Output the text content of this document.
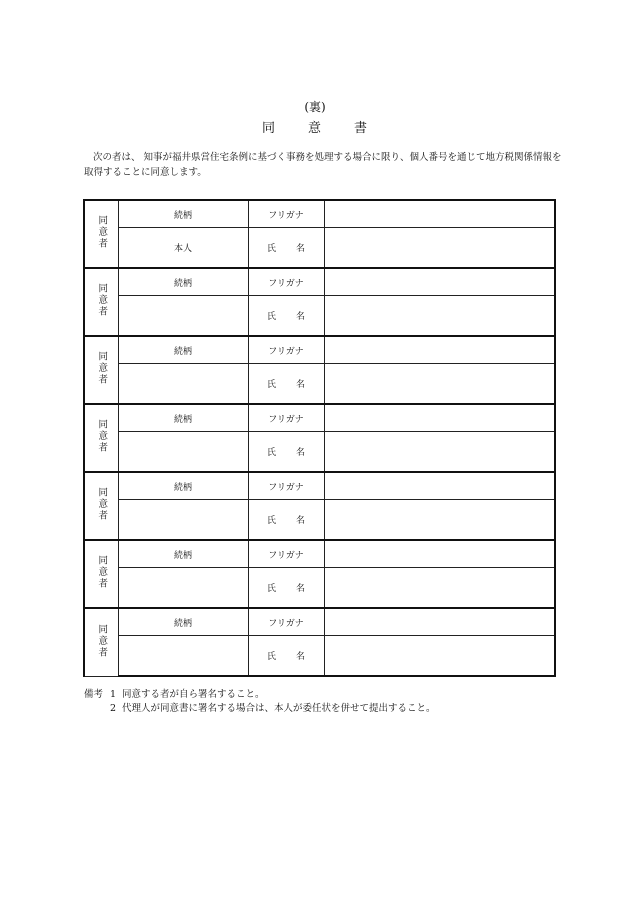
(裏)
同 意 書
次の者は、 知事が福井県営住宅条例に基づく事務を処理する場合に限り、個人番号を通じて地方税関係情報を取得することに同意します。
同意者	続柄	フリガナ	
	本人	氏 名	
同意者	続柄	フリガナ	
		氏 名	
同意者	続柄	フリガナ	
		氏 名	
同意者	続柄	フリガナ	
		氏 名	
同意者	続柄	フリガナ	
		氏 名	
同意者	続柄	フリガナ	
		氏 名	
同意者	続柄	フリガナ	
		氏 名	
備考 1 同意する者が自ら署名すること。
2 代理人が同意書に署名する場合は、本人が委任状を併せて提出すること。
